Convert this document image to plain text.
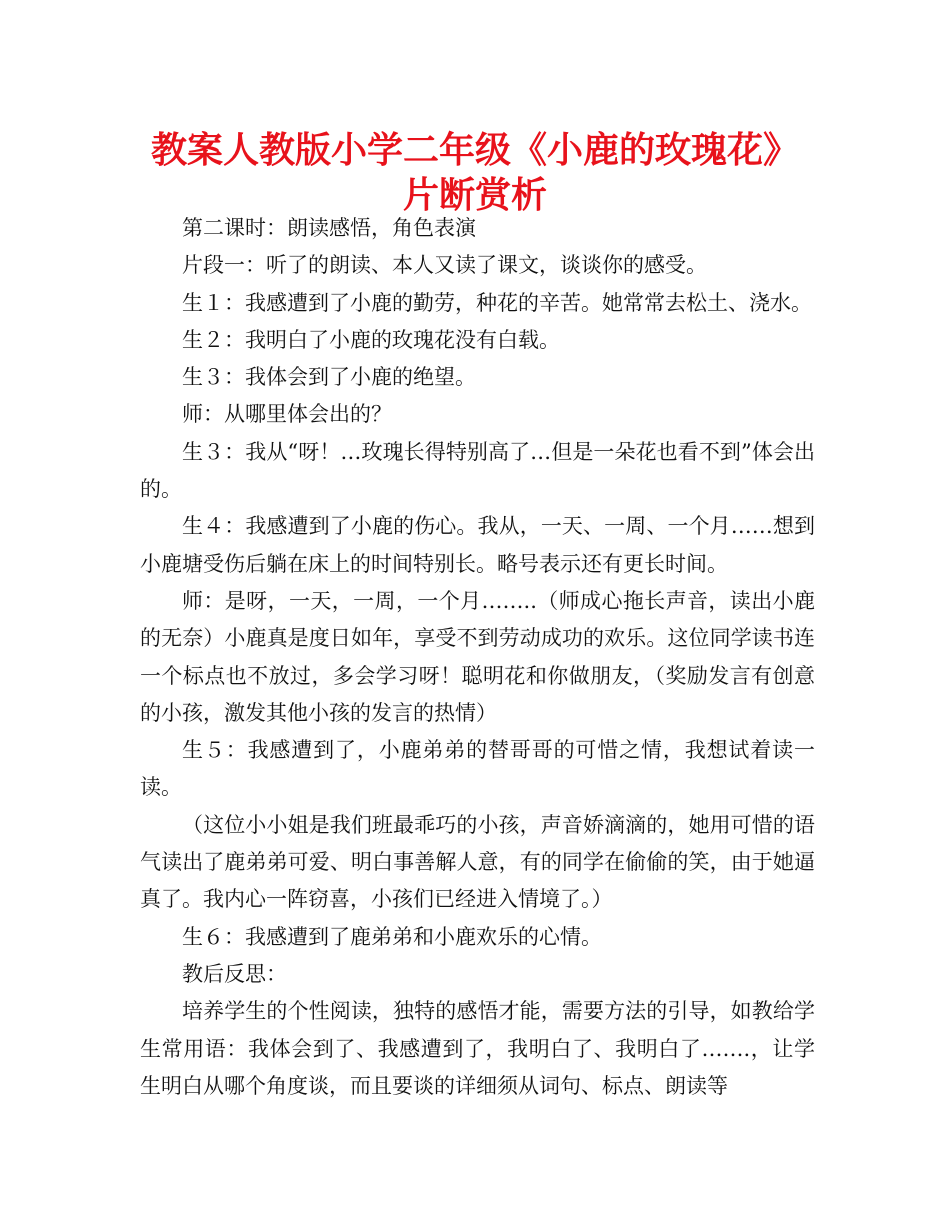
教案人教版小学二年级《小鹿的玫瑰花》
片断赏析

第二课时：朗读感悟，角色表演

片段一：听了的朗读、本人又读了课文，谈谈你的感受。

生１：我感遭到了小鹿的勤劳，种花的辛苦。她常常去松土、浇水。

生２：我明白了小鹿的玫瑰花没有白载。

生３：我体会到了小鹿的绝望。

师：从哪里体会出的？

生３：我从“呀！…玫瑰长得特别高了…但是一朵花也看不到”体会出的。

生４：我感遭到了小鹿的伤心。我从，一天、一周、一个月……想到小鹿塘受伤后躺在床上的时间特别长。略号表示还有更长时间。

师：是呀，一天，一周，一个月……..（师成心拖长声音，读出小鹿的无奈）小鹿真是度日如年，享受不到劳动成功的欢乐。这位同学读书连一个标点也不放过，多会学习呀！聪明花和你做朋友，（奖励发言有创意的小孩，激发其他小孩的发言的热情）

生５：我感遭到了，小鹿弟弟的替哥哥的可惜之情，我想试着读一读。

（这位小小姐是我们班最乖巧的小孩，声音娇滴滴的，她用可惜的语气读出了鹿弟弟可爱、明白事善解人意，有的同学在偷偷的笑，由于她逼真了。我内心一阵窃喜，小孩们已经进入情境了。）

生６：我感遭到了鹿弟弟和小鹿欢乐的心情。

教后反思：

培养学生的个性阅读，独特的感悟才能，需要方法的引导，如教给学生常用语：我体会到了、我感遭到了，我明白了、我明白了…….，让学生明白从哪个角度谈，而且要谈的详细须从词句、标点、朗读等
